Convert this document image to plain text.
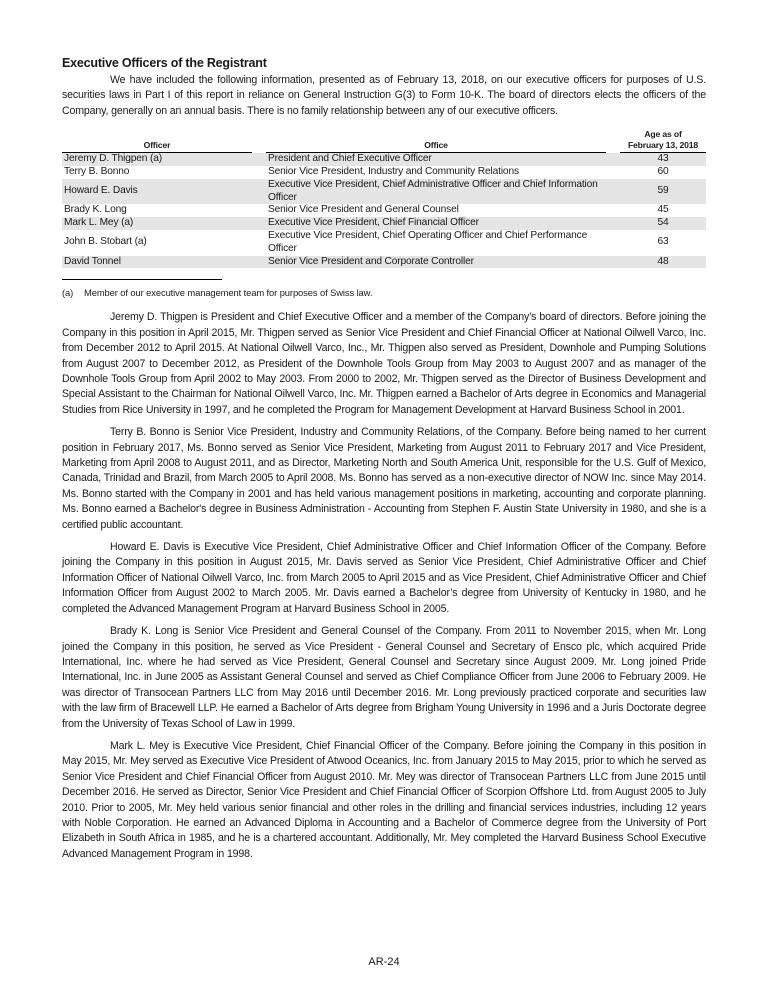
Executive Officers of the Registrant

We have included the following information, presented as of February 13, 2018, on our executive officers for purposes of U.S. securities laws in Part I of this report in reliance on General Instruction G(3) to Form 10-K. The board of directors elects the officers of the Company, generally on an annual basis. There is no family relationship between any of our executive officers.

Officer		Office		Age as of
February 13, 2018
Jeremy D. Thigpen (a)		President and Chief Executive Officer		43
Terry B. Bonno		Senior Vice President, Industry and Community Relations		60
Howard E. Davis		Executive Vice President, Chief Administrative Officer and Chief Information Officer		59
Brady K. Long		Senior Vice President and General Counsel		45
Mark L. Mey (a)		Executive Vice President, Chief Financial Officer		54
John B. Stobart (a)		Executive Vice President, Chief Operating Officer and Chief Performance Officer		63
David Tonnel		Senior Vice President and Corporate Controller		48
(a) Member of our executive management team for purposes of Swiss law.

Jeremy D. Thigpen is President and Chief Executive Officer and a member of the Company’s board of directors. Before joining the Company in this position in April 2015, Mr. Thigpen served as Senior Vice President and Chief Financial Officer at National Oilwell Varco, Inc. from December 2012 to April 2015. At National Oilwell Varco, Inc., Mr. Thigpen also served as President, Downhole and Pumping Solutions from August 2007 to December 2012, as President of the Downhole Tools Group from May 2003 to August 2007 and as manager of the Downhole Tools Group from April 2002 to May 2003. From 2000 to 2002, Mr. Thigpen served as the Director of Business Development and Special Assistant to the Chairman for National Oilwell Varco, Inc. Mr. Thigpen earned a Bachelor of Arts degree in Economics and Managerial Studies from Rice University in 1997, and he completed the Program for Management Development at Harvard Business School in 2001.

Terry B. Bonno is Senior Vice President, Industry and Community Relations, of the Company. Before being named to her current position in February 2017, Ms. Bonno served as Senior Vice President, Marketing from August 2011 to February 2017 and Vice President, Marketing from April 2008 to August 2011, and as Director, Marketing North and South America Unit, responsible for the U.S. Gulf of Mexico, Canada, Trinidad and Brazil, from March 2005 to April 2008. Ms. Bonno has served as a non-executive director of NOW Inc. since May 2014. Ms. Bonno started with the Company in 2001 and has held various management positions in marketing, accounting and corporate planning. Ms. Bonno earned a Bachelor's degree in Business Administration - Accounting from Stephen F. Austin State University in 1980, and she is a certified public accountant.

Howard E. Davis is Executive Vice President, Chief Administrative Officer and Chief Information Officer of the Company. Before joining the Company in this position in August 2015, Mr. Davis served as Senior Vice President, Chief Administrative Officer and Chief Information Officer of National Oilwell Varco, Inc. from March 2005 to April 2015 and as Vice President, Chief Administrative Officer and Chief Information Officer from August 2002 to March 2005. Mr. Davis earned a Bachelor’s degree from University of Kentucky in 1980, and he completed the Advanced Management Program at Harvard Business School in 2005.

Brady K. Long is Senior Vice President and General Counsel of the Company. From 2011 to November 2015, when Mr. Long joined the Company in this position, he served as Vice President - General Counsel and Secretary of Ensco plc, which acquired Pride International, Inc. where he had served as Vice President, General Counsel and Secretary since August 2009. Mr. Long joined Pride International, Inc. in June 2005 as Assistant General Counsel and served as Chief Compliance Officer from June 2006 to February 2009. He was director of Transocean Partners LLC from May 2016 until December 2016. Mr. Long previously practiced corporate and securities law with the law firm of Bracewell LLP. He earned a Bachelor of Arts degree from Brigham Young University in 1996 and a Juris Doctorate degree from the University of Texas School of Law in 1999.

Mark L. Mey is Executive Vice President, Chief Financial Officer of the Company. Before joining the Company in this position in May 2015, Mr. Mey served as Executive Vice President of Atwood Oceanics, Inc. from January 2015 to May 2015, prior to which he served as Senior Vice President and Chief Financial Officer from August 2010. Mr. Mey was director of Transocean Partners LLC from June 2015 until December 2016. He served as Director, Senior Vice President and Chief Financial Officer of Scorpion Offshore Ltd. from August 2005 to July 2010. Prior to 2005, Mr. Mey held various senior financial and other roles in the drilling and financial services industries, including 12 years with Noble Corporation. He earned an Advanced Diploma in Accounting and a Bachelor of Commerce degree from the University of Port Elizabeth in South Africa in 1985, and he is a chartered accountant. Additionally, Mr. Mey completed the Harvard Business School Executive Advanced Management Program in 1998.

AR-24
